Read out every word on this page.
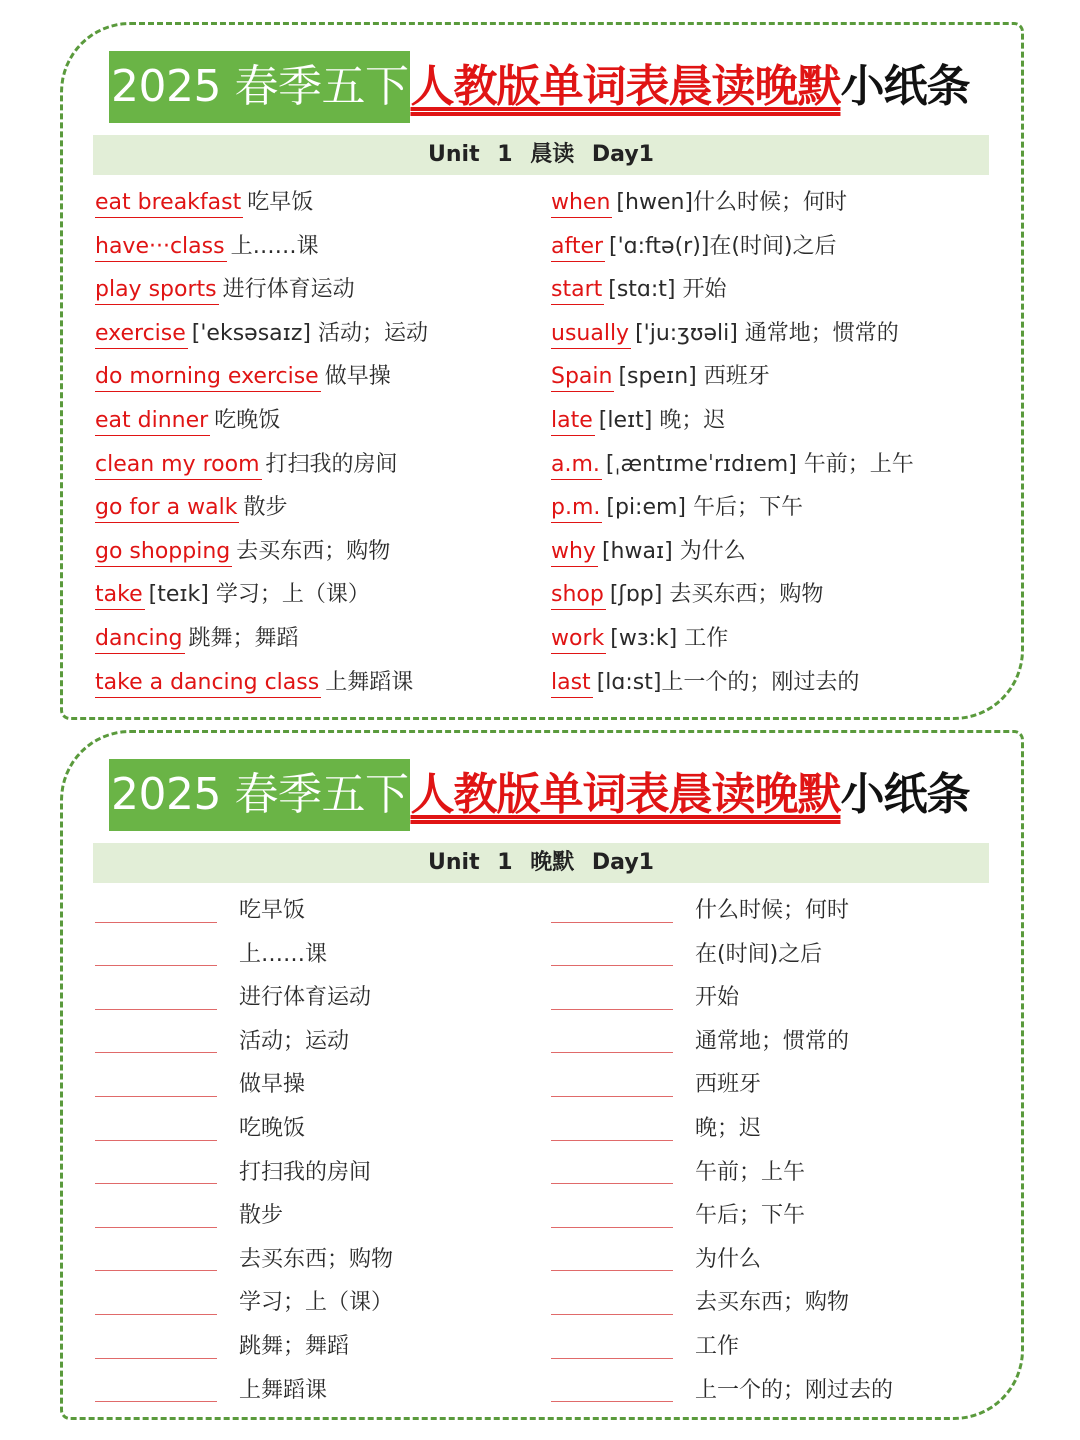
2025 春季五下 人教版单词表晨读晚默 小纸条
Unit 1 晨读 Day1
eat breakfast 吃早饭
have···class 上……课
play sports 进行体育运动
exercise ['eksəsaɪz] 活动；运动
do morning exercise 做早操
eat dinner 吃晚饭
clean my room 打扫我的房间
go for a walk 散步
go shopping 去买东西；购物
take [teɪk] 学习；上（课）
dancing 跳舞；舞蹈
take a dancing class 上舞蹈课
when [hwen]什么时候；何时
after ['ɑ:ftə(r)]在(时间)之后
start [stɑ:t] 开始
usually ['ju:ʒʊəli] 通常地；惯常的
Spain [speɪn] 西班牙
late [leɪt] 晚；迟
a.m. [ˌæntɪmeˈrɪdɪem] 午前；上午
p.m. [pi:em] 午后；下午
why [hwaɪ] 为什么
shop [ʃɒp] 去买东西；购物
work [wɜ:k] 工作
last [lɑ:st]上一个的；刚过去的
2025 春季五下 人教版单词表晨读晚默 小纸条
Unit 1 晚默 Day1
吃早饭
上……课
进行体育运动
活动；运动
做早操
吃晚饭
打扫我的房间
散步
去买东西；购物
学习；上（课）
跳舞；舞蹈
上舞蹈课
什么时候；何时
在(时间)之后
开始
通常地；惯常的
西班牙
晚；迟
午前；上午
午后；下午
为什么
去买东西；购物
工作
上一个的；刚过去的
